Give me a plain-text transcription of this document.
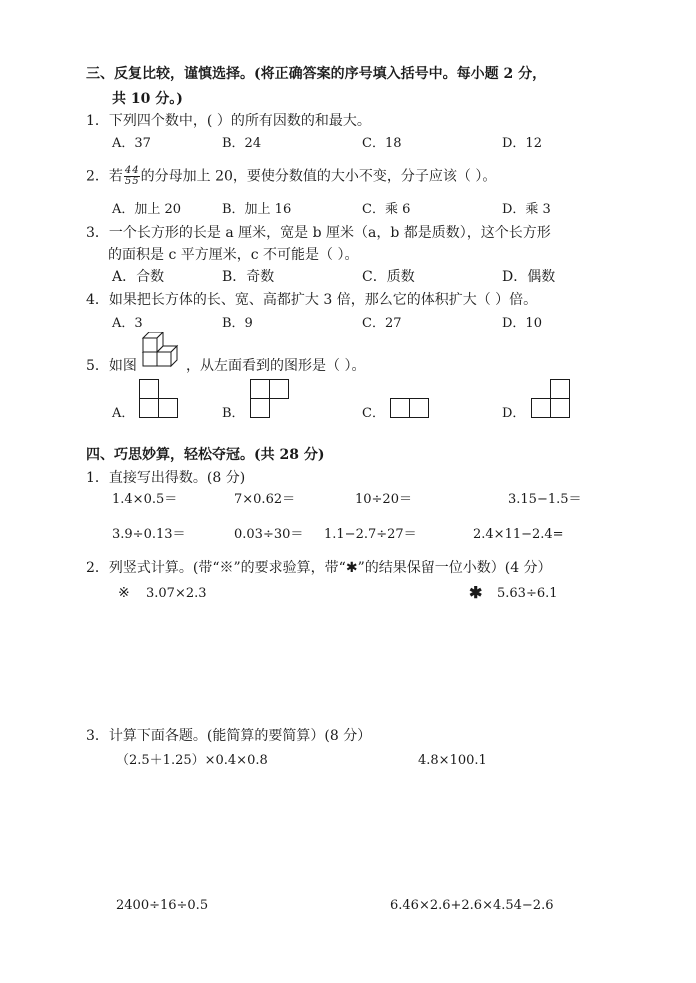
三、反复比较，谨慎选择。(将正确答案的序号填入括号中。每小题 2 分，
共 10 分。)
1．下列四个数中，( ）的所有因数的和最大。
A．37	B．24	C．18	D．12
2．若 $\frac{4}{5} \frac{4}{5}$ 的分母加上 20，要使分数值的大小不变，分子应该（ ）。
A．加上 20	B．加上 16	C．乘 6	D．乘 3
3．一个长方形的长是 a 厘米，宽是 b 厘米（a，b 都是质数），这个长方形
的面积是 c 平方厘米，c 不可能是（ ）。
A．合数	B．奇数	C．质数	D．偶数
4．如果把长方体的长、宽、高都扩大 3 倍，那么它的体积扩大（ ）倍。
A．3	B．9	C．27	D．10
5．如图	，从左面看到的图形是（ ）。
A．	B．	C．	D．
四、巧思妙算，轻松夺冠。(共 28 分)
1．直接写出得数。(8 分)
1.4×0.5＝	7×0.62＝	10÷20＝	3.15−1.5＝
3.9÷0.13＝	0.03÷30＝ 1.1−2.7÷27＝	2.4×11−2.4=
2．列竖式计算。(带“※”的要求验算，带“✱”的结果保留一位小数）(4 分）
※ 3.07×2.3	✱ 5.63÷6.1
3．计算下面各题。(能简算的要简算）(8 分）
（2.5＋1.25）×0.4×0.8	4.8×100.1
2400÷16÷0.5	6.46×2.6+2.6×4.54−2.6
